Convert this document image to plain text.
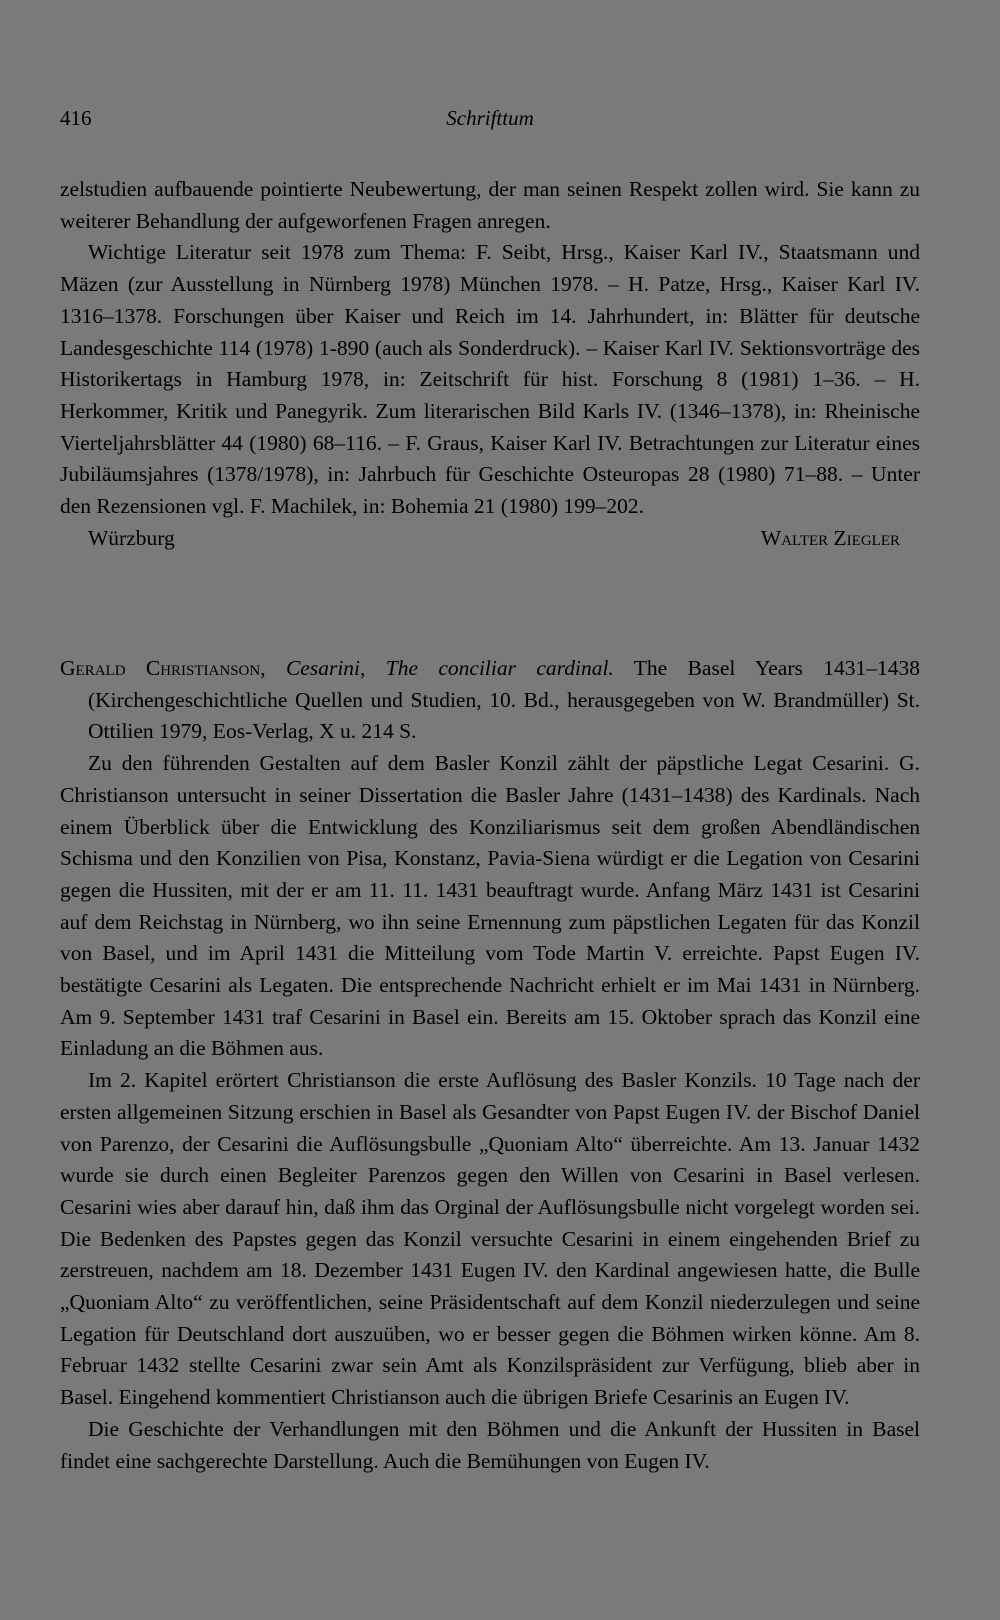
416	Schrifttum

zelstudien aufbauende pointierte Neubewertung, der man seinen Respekt zollen wird. Sie kann zu weiterer Behandlung der aufgeworfenen Fragen anregen.

Wichtige Literatur seit 1978 zum Thema: F. Seibt, Hrsg., Kaiser Karl IV., Staatsmann und Mäzen (zur Ausstellung in Nürnberg 1978) München 1978. – H. Patze, Hrsg., Kaiser Karl IV. 1316–1378. Forschungen über Kaiser und Reich im 14. Jahrhundert, in: Blätter für deutsche Landesgeschichte 114 (1978) 1-890 (auch als Sonderdruck). – Kaiser Karl IV. Sektionsvorträge des Historikertags in Hamburg 1978, in: Zeitschrift für hist. Forschung 8 (1981) 1–36. – H. Herkommer, Kritik und Panegyrik. Zum literarischen Bild Karls IV. (1346–1378), in: Rheinische Vierteljahrsblätter 44 (1980) 68–116. – F. Graus, Kaiser Karl IV. Betrachtungen zur Literatur eines Jubiläumsjahres (1378/1978), in: Jahrbuch für Geschichte Osteuropas 28 (1980) 71–88. – Unter den Rezensionen vgl. F. Machilek, in: Bohemia 21 (1980) 199–202.

Würzburg	Walter Ziegler

Gerald Christianson, Cesarini, The conciliar cardinal. The Basel Years 1431–1438 (Kirchengeschichtliche Quellen und Studien, 10. Bd., herausgegeben von W. Brandmüller) St. Ottilien 1979, Eos-Verlag, X u. 214 S.

Zu den führenden Gestalten auf dem Basler Konzil zählt der päpstliche Legat Cesarini. G. Christianson untersucht in seiner Dissertation die Basler Jahre (1431–1438) des Kardinals. Nach einem Überblick über die Entwicklung des Konziliarismus seit dem großen Abendländischen Schisma und den Konzilien von Pisa, Konstanz, Pavia-Siena würdigt er die Legation von Cesarini gegen die Hussiten, mit der er am 11. 11. 1431 beauftragt wurde. Anfang März 1431 ist Cesarini auf dem Reichstag in Nürnberg, wo ihn seine Ernennung zum päpstlichen Legaten für das Konzil von Basel, und im April 1431 die Mitteilung vom Tode Martin V. erreichte. Papst Eugen IV. bestätigte Cesarini als Legaten. Die entsprechende Nachricht erhielt er im Mai 1431 in Nürnberg. Am 9. September 1431 traf Cesarini in Basel ein. Bereits am 15. Oktober sprach das Konzil eine Einladung an die Böhmen aus.

Im 2. Kapitel erörtert Christianson die erste Auflösung des Basler Konzils. 10 Tage nach der ersten allgemeinen Sitzung erschien in Basel als Gesandter von Papst Eugen IV. der Bischof Daniel von Parenzo, der Cesarini die Auflösungsbulle „Quoniam Alto“ überreichte. Am 13. Januar 1432 wurde sie durch einen Begleiter Parenzos gegen den Willen von Cesarini in Basel verlesen. Cesarini wies aber darauf hin, daß ihm das Orginal der Auflösungsbulle nicht vorgelegt worden sei. Die Bedenken des Papstes gegen das Konzil versuchte Cesarini in einem eingehenden Brief zu zerstreuen, nachdem am 18. Dezember 1431 Eugen IV. den Kardinal angewiesen hatte, die Bulle „Quoniam Alto“ zu veröffentlichen, seine Präsidentschaft auf dem Konzil niederzulegen und seine Legation für Deutschland dort auszuüben, wo er besser gegen die Böhmen wirken könne. Am 8. Februar 1432 stellte Cesarini zwar sein Amt als Konzilspräsident zur Verfügung, blieb aber in Basel. Eingehend kommentiert Christianson auch die übrigen Briefe Cesarinis an Eugen IV.

Die Geschichte der Verhandlungen mit den Böhmen und die Ankunft der Hussiten in Basel findet eine sachgerechte Darstellung. Auch die Bemühungen von Eugen IV.
